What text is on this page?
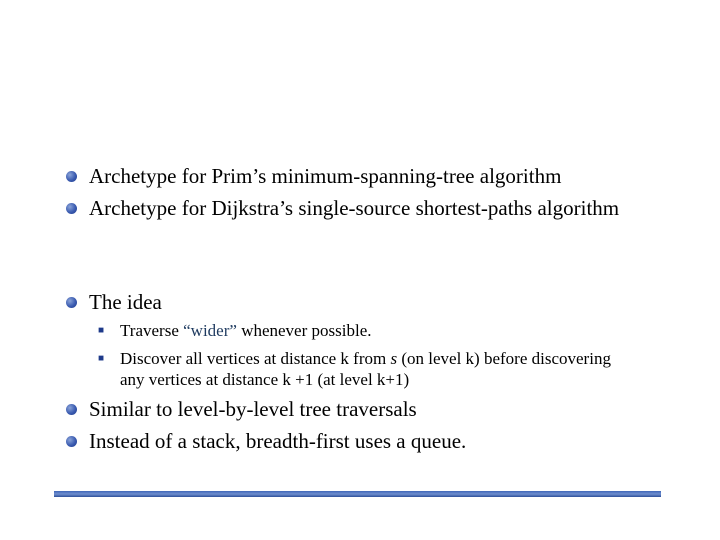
Archetype for Prim’s minimum-spanning-tree algorithm
Archetype for Dijkstra’s single-source shortest-paths algorithm
The idea
■ Traverse “wider” whenever possible.
■ Discover all vertices at distance k from s (on level k) before discovering
any vertices at distance k +1 (at level k+1)
Similar to level-by-level tree traversals
Instead of a stack, breadth-first uses a queue.
